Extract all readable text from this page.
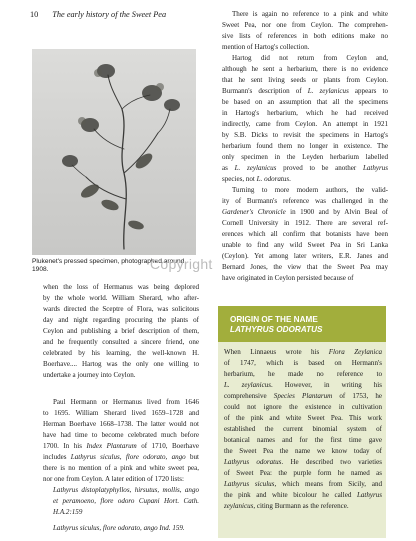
10 The early history of the Sweet Pea
Plukenet's pressed specimen, photographed around 1908.	Copyright

There is again no reference to a pink and white
Sweet Pea, nor one from Ceylon. The comprehen-
sive lists of references in both editions make no
mention of Hartog's collection.

Hartog did not return from Ceylon and,
although he sent a herbarium, there is no evidence
that he sent living seeds or plants from Ceylon.
Burmann's description of L. zeylanicus appears to
be based on an assumption that all the specimens
in Hartog's herbarium, which he had received
indirectly, came from Ceylon. An attempt in 1921
by S.B. Dicks to revisit the specimens in Hartog's
herbarium found them no longer in existence. The
only specimen in the Leyden herbarium labelled
as L. zeylanicus proved to be another Lathyrus
species, not L. odoratus.

Turning to more modern authors, the valid-
ity of Burmann's reference was challenged in the
Gardener's Chronicle in 1900 and by Alvin Beal of
Cornell University in 1912. There are several ref-
erences which all confirm that botanists have been
unable to find any wild Sweet Pea in Sri Lanka
(Ceylon). Yet among later writers, E.R. Janes and
Bernard Jones, the view that the Sweet Pea may
have originated in Ceylon persisted because of

when the loss of Hermanus was being deplored
by the whole world. William Sherard, who after-
wards directed the Sceptre of Flora, was solicitous
day and night regarding procuring the plants of
Ceylon and publishing a brief description of them,
and he frequently consulted a sincere friend, one
celebrated by his learning, the well-known H.
Boerhave.... Hartog was the only one willing to
undertake a journey into Ceylon.

Paul Hermann or Hermanus lived from 1646
to 1695. William Sherard lived 1659–1728 and
Herman Boerhave 1668–1738. The latter would not
have had time to become celebrated much before
1700. In his Index Plantarum of 1710, Boerhave
includes Lathyrus siculus, flore odorato, ango but
there is no mention of a pink and white sweet pea,
nor one from Ceylon. A later edition of 1720 lists:

Lathyrus distoplatyphyllos, hirsutus, mollis, ango
et peramoeno, flore odoro Cupani Hort. Cath.
H.A.2:159

Lathyrus siculus, flore odorato, ango Ind. 159.

ORIGIN OF THE NAME
LATHYRUS ODORATUS

When Linnaeus wrote his Flora Zeylanica
of 1747, which is based on Hermann's
herbarium, he made no reference to
L. zeylanicus. However, in writing his
comprehensive Species Plantarum of 1753, he
could not ignore the existence in cultivation
of the pink and white Sweet Pea. This work
established the current binomial system of
botanical names and for the first time gave
the Sweet Pea the name we know today of
Lathyrus odoratus. He described two varieties
of Sweet Pea: the purple form he named as
Lathyrus siculus, which means from Sicily, and
the pink and white bicolour he called Lathyrus
zeylanicus, citing Burmann as the reference.
